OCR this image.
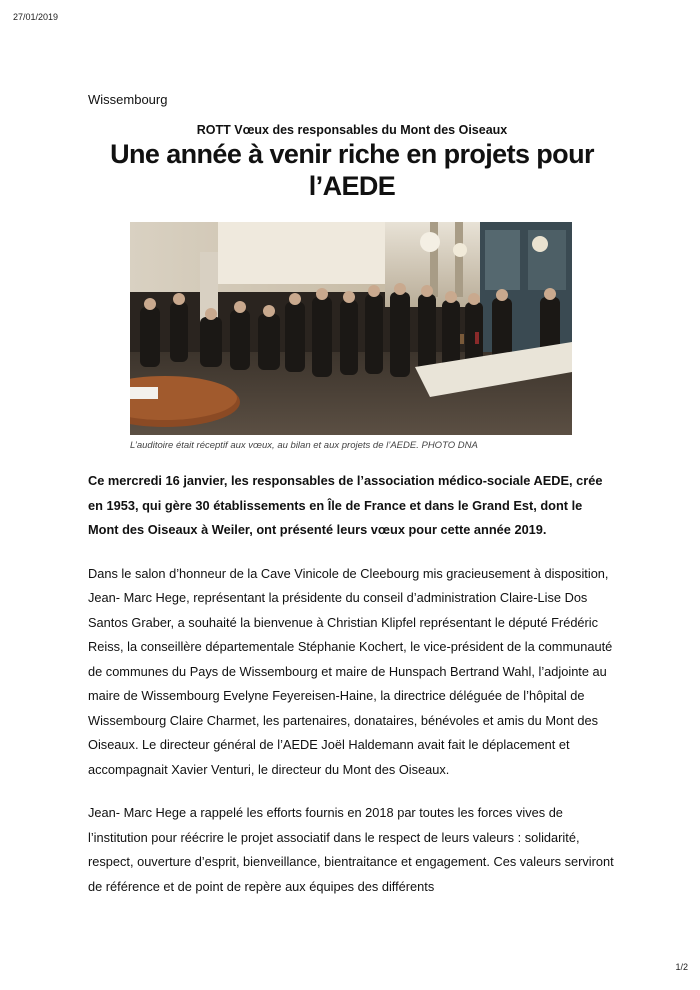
27/01/2019

Wissembourg

ROTT Vœux des responsables du Mont des Oiseaux

Une année à venir riche en projets pour l’AEDE

L’auditoire était réceptif aux vœux, au bilan et aux projets de l’AEDE. PHOTO DNA

Ce mercredi 16 janvier, les responsables de l’association médico-sociale AEDE, crée en 1953, qui gère 30 établissements en Île de France et dans le Grand Est, dont le Mont des Oiseaux à Weiler, ont présenté leurs vœux pour cette année 2019.

Dans le salon d’honneur de la Cave Vinicole de Cleebourg mis gracieusement à disposition, Jean- Marc Hege, représentant la présidente du conseil d’administration Claire-Lise Dos Santos Graber, a souhaité la bienvenue à Christian Klipfel représentant le député Frédéric Reiss, la conseillère départementale Stéphanie Kochert, le vice-président de la communauté de communes du Pays de Wissembourg et maire de Hunspach Bertrand Wahl, l’adjointe au maire de Wissembourg Evelyne Feyereisen-Haine, la directrice déléguée de l’hôpital de Wissembourg Claire Charmet, les partenaires, donataires, bénévoles et amis du Mont des Oiseaux. Le directeur général de l’AEDE Joël Haldemann avait fait le déplacement et accompagnait Xavier Venturi, le directeur du Mont des Oiseaux.

Jean- Marc Hege a rappelé les efforts fournis en 2018 par toutes les forces vives de l’institution pour réécrire le projet associatif dans le respect de leurs valeurs : solidarité, respect, ouverture d’esprit, bienveillance, bientraitance et engagement. Ces valeurs serviront de référence et de point de repère aux équipes des différents

1/2
